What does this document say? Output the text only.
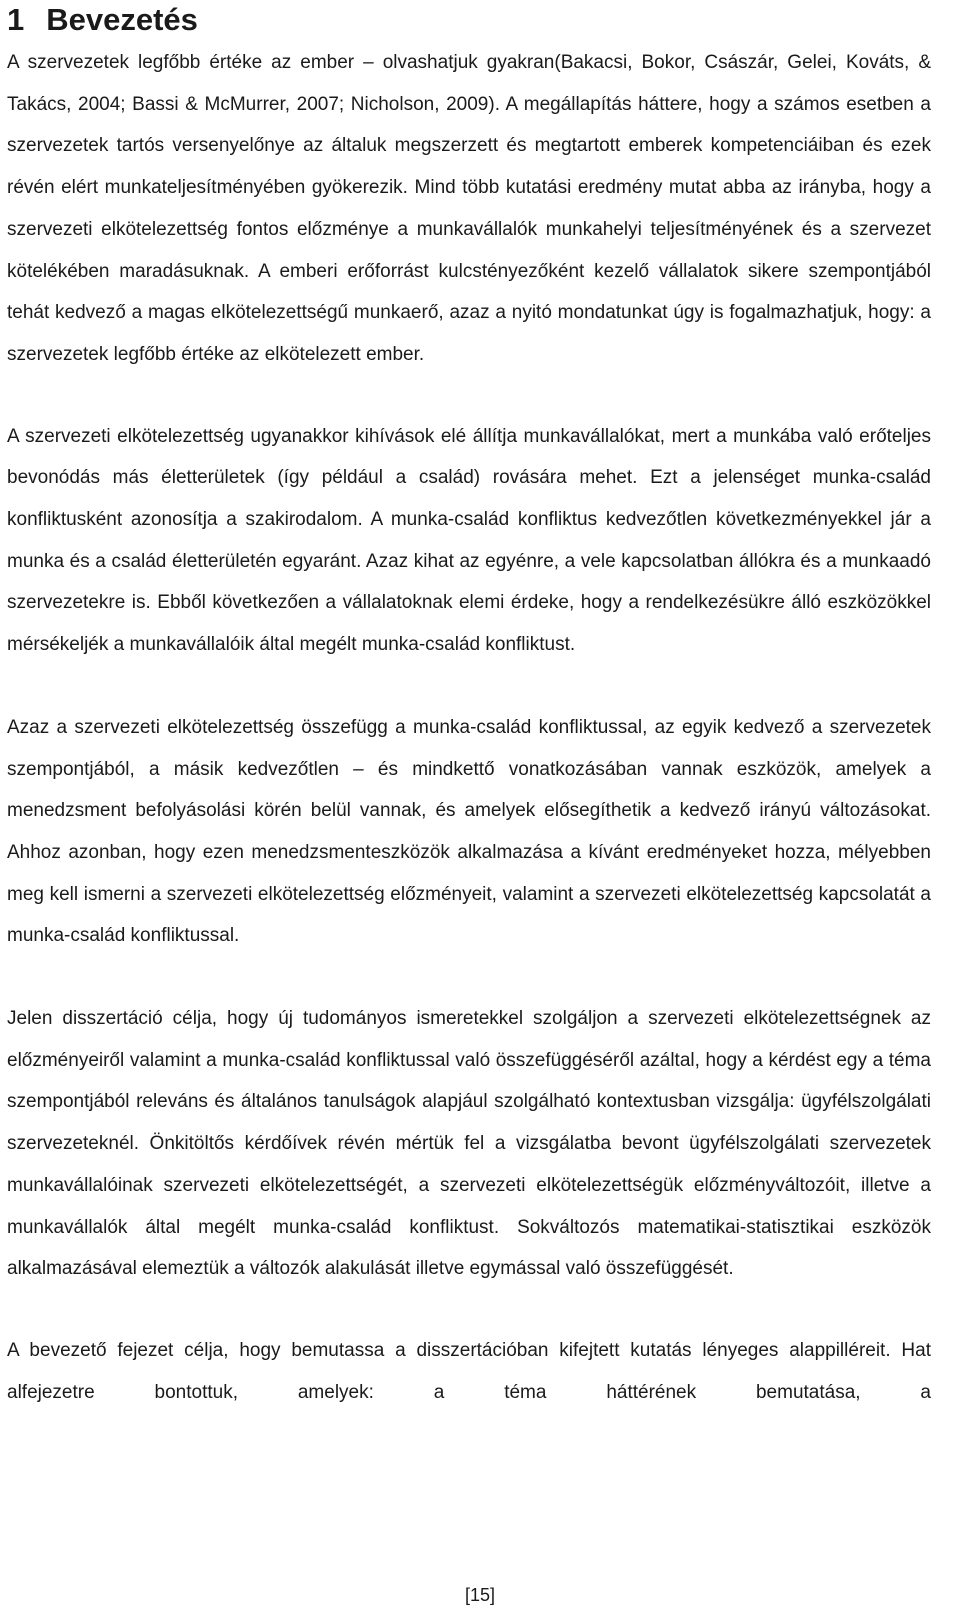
1 Bevezetés

A szervezetek legfőbb értéke az ember – olvashatjuk gyakran(Bakacsi, Bokor, Császár, Gelei, Kováts, & Takács, 2004; Bassi & McMurrer, 2007; Nicholson, 2009). A megállapítás háttere, hogy a számos esetben a szervezetek tartós versenyelőnye az általuk megszerzett és megtartott emberek kompetenciáiban és ezek révén elért munkateljesítményében gyökerezik. Mind több kutatási eredmény mutat abba az irányba, hogy a szervezeti elkötelezettség fontos előzménye a munkavállalók munkahelyi teljesítményének és a szervezet kötelékében maradásuknak. A emberi erőforrást kulcstényezőként kezelő vállalatok sikere szempontjából tehát kedvező a magas elkötelezettségű munkaerő, azaz a nyitó mondatunkat úgy is fogalmazhatjuk, hogy: a szervezetek legfőbb értéke az elkötelezett ember.

A szervezeti elkötelezettség ugyanakkor kihívások elé állítja munkavállalókat, mert a munkába való erőteljes bevonódás más életterületek (így például a család) rovására mehet. Ezt a jelenséget munka-család konfliktusként azonosítja a szakirodalom. A munka-család konfliktus kedvezőtlen következményekkel jár a munka és a család életterületén egyaránt. Azaz kihat az egyénre, a vele kapcsolatban állókra és a munkaadó szervezetekre is. Ebből következően a vállalatoknak elemi érdeke, hogy a rendelkezésükre álló eszközökkel mérsékeljék a munkavállalóik által megélt munka-család konfliktust.

Azaz a szervezeti elkötelezettség összefügg a munka-család konfliktussal, az egyik kedvező a szervezetek szempontjából, a másik kedvezőtlen – és mindkettő vonatkozásában vannak eszközök, amelyek a menedzsment befolyásolási körén belül vannak, és amelyek elősegíthetik a kedvező irányú változásokat. Ahhoz azonban, hogy ezen menedzsmenteszközök alkalmazása a kívánt eredményeket hozza, mélyebben meg kell ismerni a szervezeti elkötelezettség előzményeit, valamint a szervezeti elkötelezettség kapcsolatát a munka-család konfliktussal.

Jelen disszertáció célja, hogy új tudományos ismeretekkel szolgáljon a szervezeti elkötelezettségnek az előzményeiről valamint a munka-család konfliktussal való összefüggéséről azáltal, hogy a kérdést egy a téma szempontjából releváns és általános tanulságok alapjául szolgálható kontextusban vizsgálja: ügyfélszolgálati szervezeteknél. Önkitöltős kérdőívek révén mértük fel a vizsgálatba bevont ügyfélszolgálati szervezetek munkavállalóinak szervezeti elkötelezettségét, a szervezeti elkötelezettségük előzményváltozóit, illetve a munkavállalók által megélt munka-család konfliktust. Sokváltozós matematikai-statisztikai eszközök alkalmazásával elemeztük a változók alakulását illetve egymással való összefüggését.

A bevezető fejezet célja, hogy bemutassa a disszertációban kifejtett kutatás lényeges alappilléreit. Hat alfejezetre bontottuk, amelyek: a téma háttérének bemutatása, a

[15]
